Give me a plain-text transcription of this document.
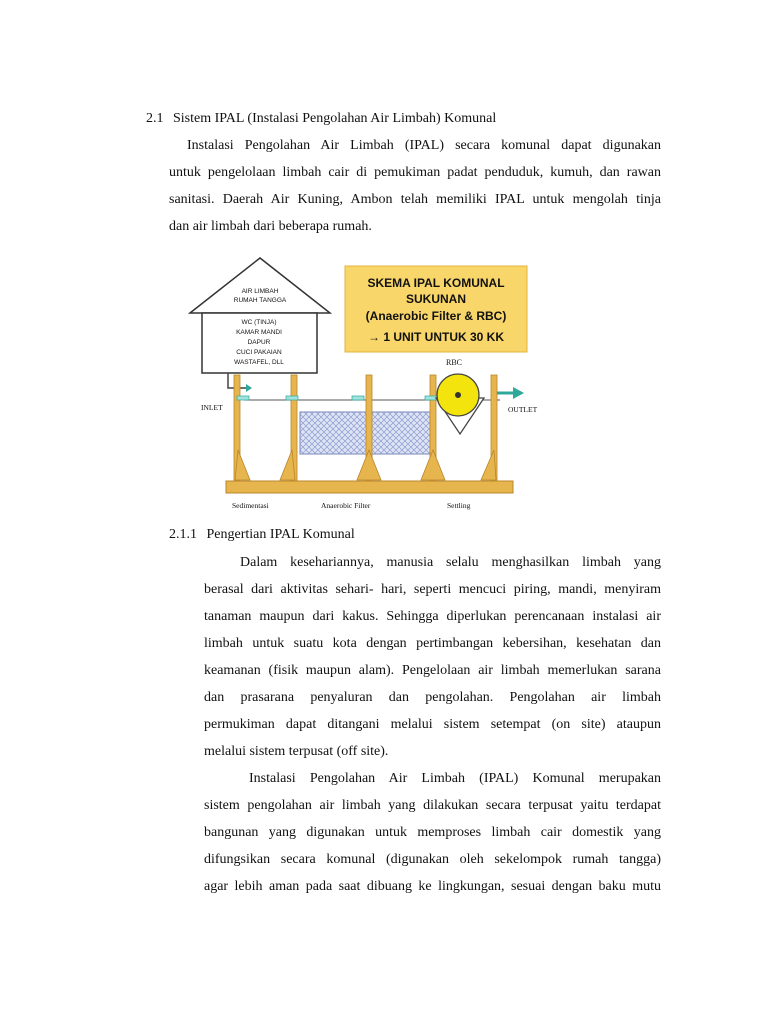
2.1 Sistem IPAL (Instalasi Pengolahan Air Limbah) Komunal
Instalasi Pengolahan Air Limbah (IPAL) secara komunal dapat digunakan
untuk pengelolaan limbah cair di pemukiman padat penduduk, kumuh, dan rawan
sanitasi. Daerah Air Kuning, Ambon telah memiliki IPAL untuk mengolah tinja
dan air limbah dari beberapa rumah.
SKEMA IPAL KOMUNAL
SUKUNAN
(Anaerobic Filter & RBC)
→ 1 UNIT UNTUK 30 KK
AIR LIMBAH
RUMAH TANGGA
WC (TINJA)
KAMAR MANDI
DAPUR
CUCI PAKAIAN
WASTAFEL, DLL
INLET
RBC
OUTLET
Sedimentasi	Anaerobic Filter	Settling
2.1.1 Pengertian IPAL Komunal
Dalam kesehariannya, manusia selalu menghasilkan limbah yang
berasal dari aktivitas sehari- hari, seperti mencuci piring, mandi, menyiram
tanaman maupun dari kakus. Sehingga diperlukan perencanaan instalasi air
limbah untuk suatu kota dengan pertimbangan kebersihan, kesehatan dan
keamanan (fisik maupun alam). Pengelolaan air limbah memerlukan sarana
dan prasarana penyaluran dan pengolahan. Pengolahan air limbah
permukiman dapat ditangani melalui sistem setempat (on site) ataupun
melalui sistem terpusat (off site).
Instalasi Pengolahan Air Limbah (IPAL) Komunal merupakan
sistem pengolahan air limbah yang dilakukan secara terpusat yaitu terdapat
bangunan yang digunakan untuk memproses limbah cair domestik yang
difungsikan secara komunal (digunakan oleh sekelompok rumah tangga)
agar lebih aman pada saat dibuang ke lingkungan, sesuai dengan baku mutu
